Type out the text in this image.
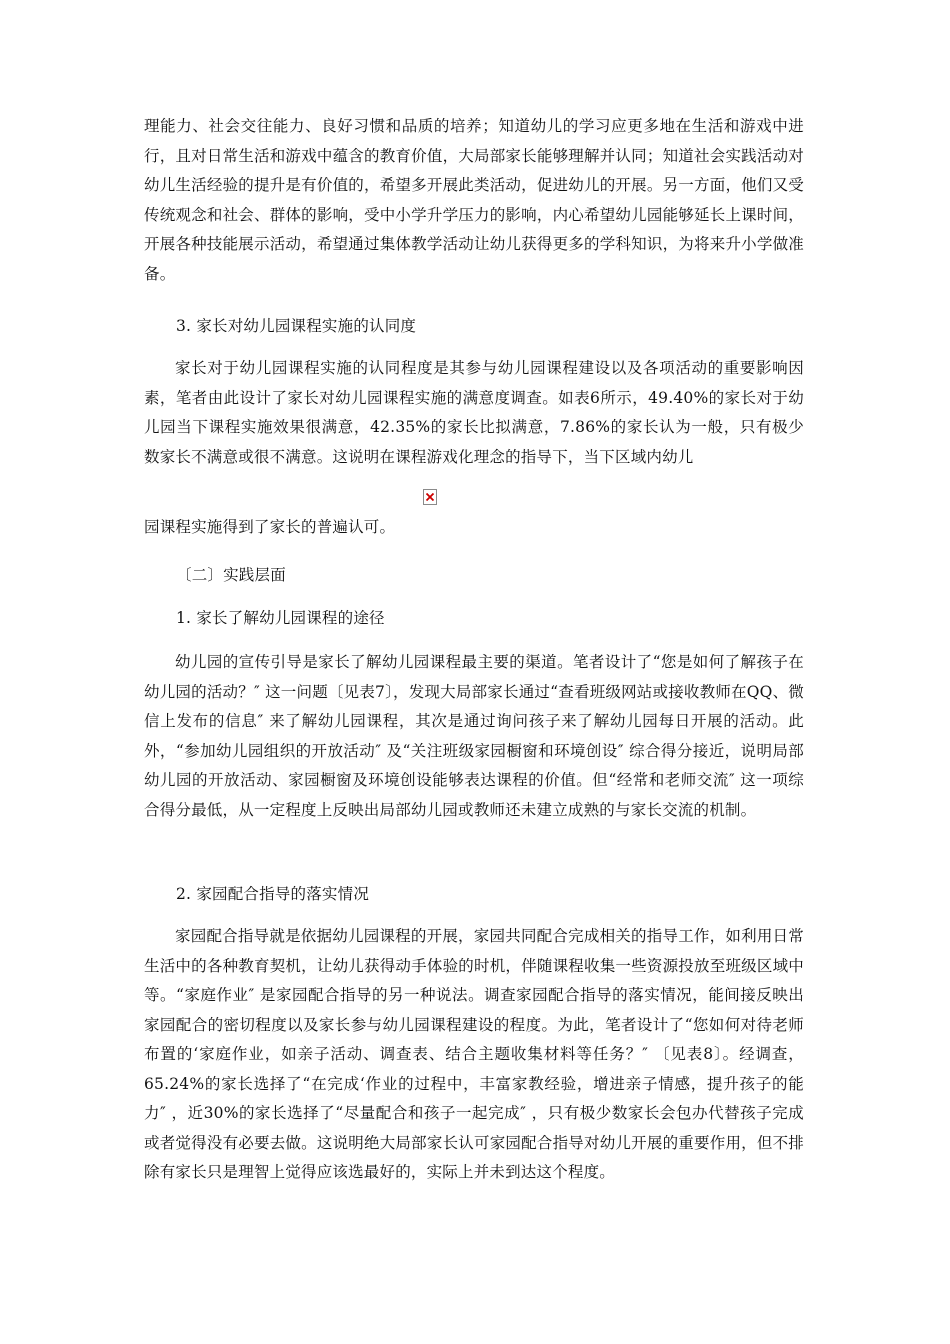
理能力、社会交往能力、良好习惯和品质的培养；知道幼儿的学习应更多地在生活和游戏中进行，且对日常生活和游戏中蕴含的教育价值，大局部家长能够理解并认同；知道社会实践活动对幼儿生活经验的提升是有价值的，希望多开展此类活动，促进幼儿的开展。另一方面，他们又受传统观念和社会、群体的影响，受中小学升学压力的影响，内心希望幼儿园能够延长上课时间，开展各种技能展示活动，希望通过集体教学活动让幼儿获得更多的学科知识，为将来升小学做准备。

3. 家长对幼儿园课程实施的认同度

家长对于幼儿园课程实施的认同程度是其参与幼儿园课程建设以及各项活动的重要影响因素，笔者由此设计了家长对幼儿园课程实施的满意度调查。如表6所示，49.40%的家长对于幼儿园当下课程实施效果很满意，42.35%的家长比拟满意，7.86%的家长认为一般，只有极少数家长不满意或很不满意。这说明在课程游戏化理念的指导下，当下区域内幼儿

园课程实施得到了家长的普遍认可。

〔二〕实践层面

1. 家长了解幼儿园课程的途径

幼儿园的宣传引导是家长了解幼儿园课程最主要的渠道。笔者设计了“您是如何了解孩子在幼儿园的活动？″ 这一问题〔见表7〕，发现大局部家长通过“查看班级网站或接收教师在QQ、微信上发布的信息″ 来了解幼儿园课程，其次是通过询问孩子来了解幼儿园每日开展的活动。此外，“参加幼儿园组织的开放活动″ 及“关注班级家园橱窗和环境创设″ 综合得分接近，说明局部幼儿园的开放活动、家园橱窗及环境创设能够表达课程的价值。但“经常和老师交流″ 这一项综合得分最低，从一定程度上反映出局部幼儿园或教师还未建立成熟的与家长交流的机制。

2. 家园配合指导的落实情况

家园配合指导就是依据幼儿园课程的开展，家园共同配合完成相关的指导工作，如利用日常生活中的各种教育契机，让幼儿获得动手体验的时机，伴随课程收集一些资源投放至班级区域中等。“家庭作业″ 是家园配合指导的另一种说法。调查家园配合指导的落实情况，能间接反映出家园配合的密切程度以及家长参与幼儿园课程建设的程度。为此，笔者设计了“您如何对待老师布置的‘家庭作业，如亲子活动、调查表、结合主题收集材料等任务？″ 〔见表8〕。经调查，65.24%的家长选择了“在完成‘作业的过程中，丰富家教经验，增进亲子情感，提升孩子的能力″ ，近30%的家长选择了“尽量配合和孩子一起完成″ ，只有极少数家长会包办代替孩子完成或者觉得没有必要去做。这说明绝大局部家长认可家园配合指导对幼儿开展的重要作用，但不排除有家长只是理智上觉得应该选最好的，实际上并未到达这个程度。
